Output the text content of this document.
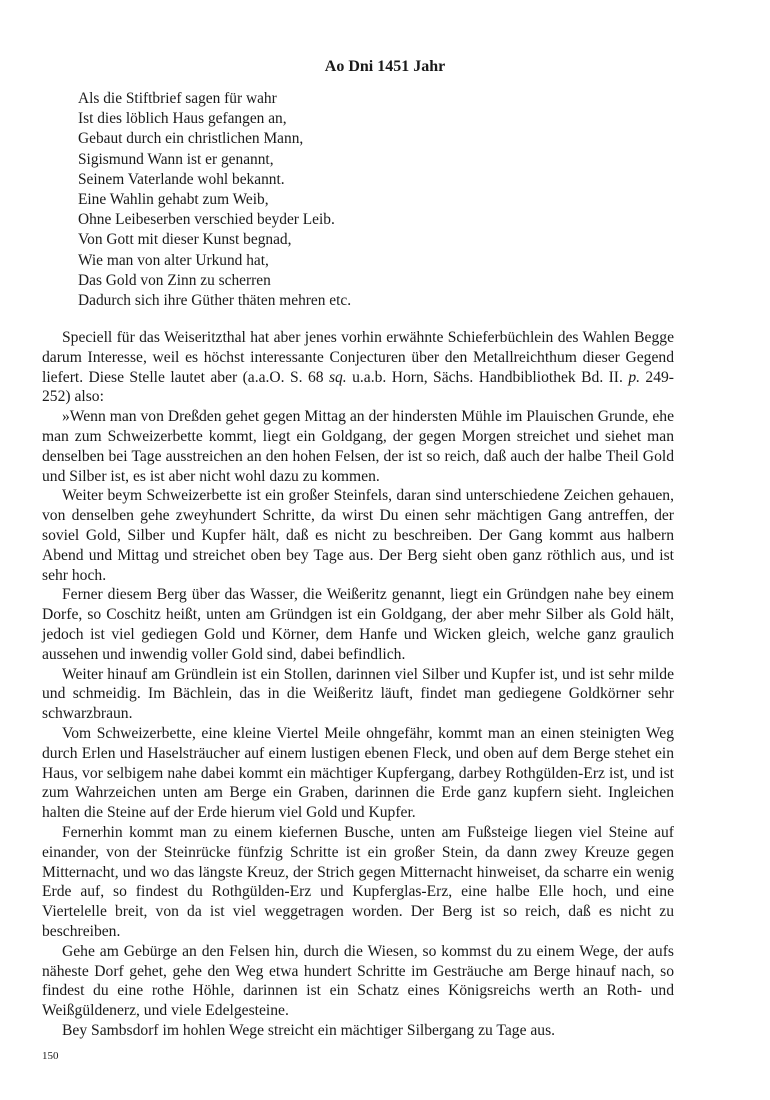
Ao Dni 1451 Jahr
Als die Stiftbrief sagen für wahr
Ist dies löblich Haus gefangen an,
Gebaut durch ein christlichen Mann,
Sigismund Wann ist er genannt,
Seinem Vaterlande wohl bekannt.
Eine Wahlin gehabt zum Weib,
Ohne Leibeserben verschied beyder Leib.
Von Gott mit dieser Kunst begnad,
Wie man von alter Urkund hat,
Das Gold von Zinn zu scherren
Dadurch sich ihre Güther thäten mehren etc.

Speciell für das Weiseritzthal hat aber jenes vorhin erwähnte Schieferbüchlein des Wahlen Begge darum Interesse, weil es höchst interessante Conjecturen über den Metallreichthum dieser Gegend liefert. Diese Stelle lautet aber (a.a.O. S. 68 sq. u.a.b. Horn, Sächs. Handbibliothek Bd. II. p. 249-252) also:

»Wenn man von Dreßden gehet gegen Mittag an der hindersten Mühle im Plauischen Grunde, ehe man zum Schweizerbette kommt, liegt ein Goldgang, der gegen Morgen streichet und siehet man denselben bei Tage ausstreichen an den hohen Felsen, der ist so reich, daß auch der halbe Theil Gold und Silber ist, es ist aber nicht wohl dazu zu kommen.

Weiter beym Schweizerbette ist ein großer Steinfels, daran sind unterschiedene Zeichen gehauen, von denselben gehe zweyhundert Schritte, da wirst Du einen sehr mächtigen Gang antreffen, der soviel Gold, Silber und Kupfer hält, daß es nicht zu beschreiben. Der Gang kommt aus halbern Abend und Mittag und streichet oben bey Tage aus. Der Berg sieht oben ganz röthlich aus, und ist sehr hoch.

Ferner diesem Berg über das Wasser, die Weißeritz genannt, liegt ein Gründgen nahe bey einem Dorfe, so Coschitz heißt, unten am Gründgen ist ein Goldgang, der aber mehr Silber als Gold hält, jedoch ist viel gediegen Gold und Körner, dem Hanfe und Wicken gleich, welche ganz graulich aussehen und inwendig voller Gold sind, dabei befindlich.

Weiter hinauf am Gründlein ist ein Stollen, darinnen viel Silber und Kupfer ist, und ist sehr milde und schmeidig. Im Bächlein, das in die Weißeritz läuft, findet man gediegene Goldkörner sehr schwarzbraun.

Vom Schweizerbette, eine kleine Viertel Meile ohngefähr, kommt man an einen steinigten Weg durch Erlen und Haselsträucher auf einem lustigen ebenen Fleck, und oben auf dem Berge stehet ein Haus, vor selbigem nahe dabei kommt ein mächtiger Kupfergang, darbey Rothgülden-Erz ist, und ist zum Wahrzeichen unten am Berge ein Graben, darinnen die Erde ganz kupfern sieht. Ingleichen halten die Steine auf der Erde hierum viel Gold und Kupfer.

Fernerhin kommt man zu einem kiefernen Busche, unten am Fußsteige liegen viel Steine auf einander, von der Steinrücke fünfzig Schritte ist ein großer Stein, da dann zwey Kreuze gegen Mitternacht, und wo das längste Kreuz, der Strich gegen Mitternacht hinweiset, da scharre ein wenig Erde auf, so findest du Rothgülden-Erz und Kupferglas-Erz, eine halbe Elle hoch, und eine Viertelelle breit, von da ist viel weggetragen worden. Der Berg ist so reich, daß es nicht zu beschreiben.

Gehe am Gebürge an den Felsen hin, durch die Wiesen, so kommst du zu einem Wege, der aufs näheste Dorf gehet, gehe den Weg etwa hundert Schritte im Gesträuche am Berge hinauf nach, so findest du eine rothe Höhle, darinnen ist ein Schatz eines Königsreichs werth an Roth- und Weißgüldenerz, und viele Edelgesteine.

Bey Sambsdorf im hohlen Wege streicht ein mächtiger Silbergang zu Tage aus.

150
